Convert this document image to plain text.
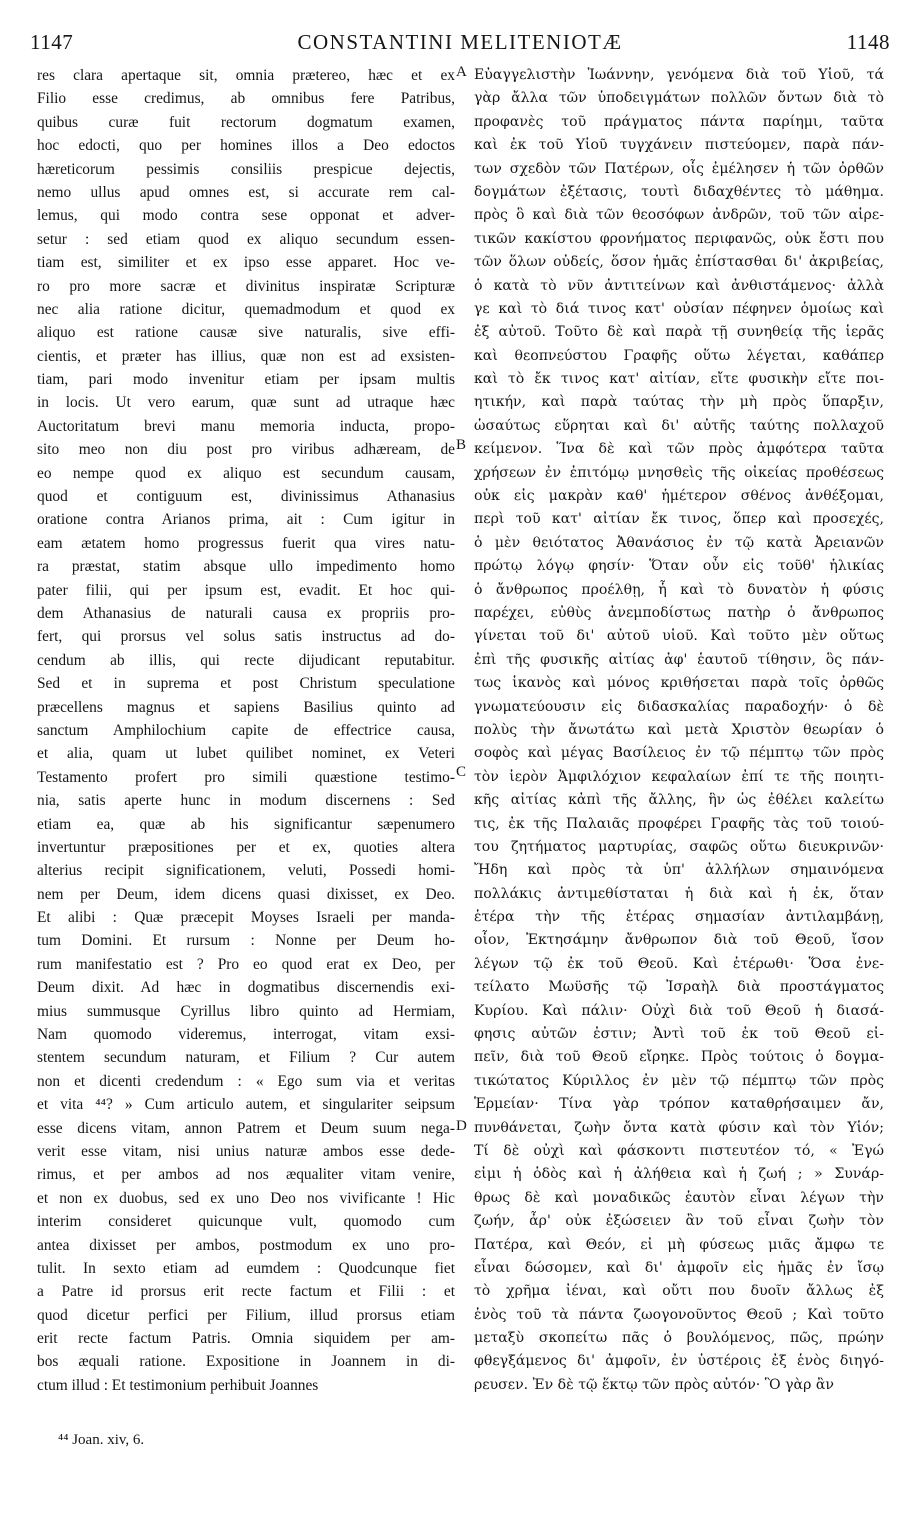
1147	CONSTANTINI MELITENIOTÆ	1148
res clara apertaque sit, omnia prætereo, hæc et ex
Filio esse credimus, ab omnibus fere Patribus,
quibus curæ fuit rectorum dogmatum examen,
hoc edocti, quo per homines illos a Deo edoctos
hæreticorum pessimis consiliis prespicue dejectis,
nemo ullus apud omnes est, si accurate rem cal-
lemus, qui modo contra sese opponat et adver-
setur : sed etiam quod ex aliquo secundum essen-
tiam est, similiter et ex ipso esse apparet. Hoc ve-
ro pro more sacræ et divinitus inspiratæ Scripturæ
nec alia ratione dicitur, quemadmodum et quod ex
aliquo est ratione causæ sive naturalis, sive effi-
cientis, et præter has illius, quæ non est ad exsisten-
tiam, pari modo invenitur etiam per ipsam multis
in locis. Ut vero earum, quæ sunt ad utraque hæc
Auctoritatum brevi manu memoria inducta, propo-
sito meo non diu post pro viribus adhæream, de
eo nempe quod ex aliquo est secundum causam,
quod et contiguum est, divinissimus Athanasius
oratione contra Arianos prima, ait : Cum igitur in
eam ætatem homo progressus fuerit qua vires natu-
ra præstat, statim absque ullo impedimento homo
pater filii, qui per ipsum est, evadit. Et hoc qui-
dem Athanasius de naturali causa ex propriis pro-
fert, qui prorsus vel solus satis instructus ad do-
cendum ab illis, qui recte dijudicant reputabitur.
Sed et in suprema et post Christum speculatione
præcellens magnus et sapiens Basilius quinto ad
sanctum Amphilochium capite de effectrice causa,
et alia, quam ut lubet quilibet nominet, ex Veteri
Testamento profert pro simili quæstione testimo-
nia, satis aperte hunc in modum discernens : Sed
etiam ea, quæ ab his significantur sæpenumero
invertuntur præpositiones per et ex, quoties altera
alterius recipit significationem, veluti, Possedi homi-
nem per Deum, idem dicens quasi dixisset, ex Deo.
Et alibi : Quæ præcepit Moyses Israeli per manda-
tum Domini. Et rursum : Nonne per Deum ho-
rum manifestatio est ? Pro eo quod erat ex Deo, per
Deum dixit. Ad hæc in dogmatibus discernendis exi-
mius summusque Cyrillus libro quinto ad Hermiam,
Nam quomodo videremus, interrogat, vitam exsi-
stentem secundum naturam, et Filium ? Cur autem
non et dicenti credendum : « Ego sum via et veritas
et vita ⁴⁴? » Cum articulo autem, et singulariter seipsum
esse dicens vitam, annon Patrem et Deum suum nega-
verit esse vitam, nisi unius naturæ ambos esse dede-
rimus, et per ambos ad nos æqualiter vitam venire,
et non ex duobus, sed ex uno Deo nos vivificante ! Hic
interim consideret quicunque vult, quomodo cum
antea dixisset per ambos, postmodum ex uno pro-
tulit. In sexto etiam ad eumdem : Quodcunque fiet
a Patre id prorsus erit recte factum et Filii : et
quod dicetur perfici per Filium, illud prorsus etiam
erit recte factum Patris. Omnia siquidem per am-
bos æquali ratione. Expositione in Joannem in di-
ctum illud : Et testimonium perhibuit Joannes
Εὐαγγελιστὴν Ἰωάννην, γενόμενα διὰ τοῦ Υἱοῦ, τά
γὰρ ἄλλα τῶν ὑποδειγμάτων πολλῶν ὄντων διὰ τὸ
προφανὲς τοῦ πράγματος πάντα παρίημι, ταῦτα
καὶ ἐκ τοῦ Υἱοῦ τυγχάνειν πιστεύομεν, παρὰ πάν-
των σχεδὸν τῶν Πατέρων, οἷς ἐμέλησεν ἡ τῶν ὀρθῶν
δογμάτων ἐξέτασις, τουτὶ διδαχθέντες τὸ μάθημα.
πρὸς ὃ καὶ διὰ τῶν θεοσόφων ἀνδρῶν, τοῦ τῶν αἱρε-
τικῶν κακίστου φρονήματος περιφανῶς, οὐκ ἔστι που
τῶν ὅλων οὐδείς, ὅσον ἡμᾶς ἐπίστασθαι δι' ἀκριβείας,
ὁ κατὰ τὸ νῦν ἀντιτείνων καὶ ἀνθιστάμενος· ἀλλὰ
γε καὶ τὸ διά τινος κατ' οὐσίαν πέφηνεν ὁμοίως καὶ
ἐξ αὐτοῦ. Τοῦτο δὲ καὶ παρὰ τῇ συνηθείᾳ τῆς ἱερᾶς
καὶ θεοπνεύστου Γραφῆς οὕτω λέγεται, καθάπερ
καὶ τὸ ἔκ τινος κατ' αἰτίαν, εἴτε φυσικὴν εἴτε ποι-
ητικήν, καὶ παρὰ ταύτας τὴν μὴ πρὸς ὕπαρξιν,
ὡσαύτως εὕρηται καὶ δι' αὐτῆς ταύτης πολλαχοῦ
κείμενον. Ἵνα δὲ καὶ τῶν πρὸς ἀμφότερα ταῦτα
χρήσεων ἐν ἐπιτόμῳ μνησθεὶς τῆς οἰκείας προθέσεως
οὐκ εἰς μακρὰν καθ' ἡμέτερον σθένος ἀνθέξομαι,
περὶ τοῦ κατ' αἰτίαν ἔκ τινος, ὅπερ καὶ προσεχές,
ὁ μὲν θειότατος Ἀθανάσιος ἐν τῷ κατὰ Ἀρειανῶν
πρώτῳ λόγῳ φησίν· Ὅταν οὖν εἰς τοῦθ' ἡλικίας
ὁ ἄνθρωπος προέλθῃ, ἧ καὶ τὸ δυνατὸν ἡ φύσις
παρέχει, εὐθὺς ἀνεμποδίστως πατὴρ ὁ ἄνθρωπος
γίνεται τοῦ δι' αὐτοῦ υἱοῦ. Καὶ τοῦτο μὲν οὕτως
ἐπὶ τῆς φυσικῆς αἰτίας ἀφ' ἑαυτοῦ τίθησιν, ὃς πάν-
τως ἱκανὸς καὶ μόνος κριθήσεται παρὰ τοῖς ὀρθῶς
γνωματεύουσιν εἰς διδασκαλίας παραδοχήν· ὁ δὲ
πολὺς τὴν ἄνωτάτω καὶ μετὰ Χριστὸν θεωρίαν ὁ
σοφὸς καὶ μέγας Βασίλειος ἐν τῷ πέμπτῳ τῶν πρὸς
τὸν ἱερὸν Ἀμφιλόχιον κεφαλαίων ἐπί τε τῆς ποιητι-
κῆς αἰτίας κἀπὶ τῆς ἄλλης, ἣν ὡς ἐθέλει καλείτω
τις, ἐκ τῆς Παλαιᾶς προφέρει Γραφῆς τὰς τοῦ τοιού-
του ζητήματος μαρτυρίας, σαφῶς οὕτω διευκρινῶν·
Ἤδη καὶ πρὸς τὰ ὑπ' ἀλλήλων σημαινόμενα
πολλάκις ἀντιμεθίσταται ἡ διὰ καὶ ἡ ἐκ, ὅταν
ἑτέρα τὴν τῆς ἑτέρας σημασίαν ἀντιλαμβάνῃ,
οἷον, Ἐκτησάμην ἄνθρωπον διὰ τοῦ Θεοῦ, ἴσον
λέγων τῷ ἐκ τοῦ Θεοῦ. Καὶ ἑτέρωθι· Ὅσα ἐνε-
τείλατο Μωϋσῆς τῷ Ἰσραὴλ διὰ προστάγματος
Κυρίου. Καὶ πάλιν· Οὐχὶ διὰ τοῦ Θεοῦ ἡ διασά-
φησις αὐτῶν ἐστιν; Ἀντὶ τοῦ ἐκ τοῦ Θεοῦ εἰ-
πεῖν, διὰ τοῦ Θεοῦ εἴρηκε. Πρὸς τούτοις ὁ δογμα-
τικώτατος Κύριλλος ἐν μὲν τῷ πέμπτῳ τῶν πρὸς
Ἑρμείαν· Τίνα γὰρ τρόπον καταθρήσαιμεν ἄν,
πυνθάνεται, ζωὴν ὄντα κατὰ φύσιν καὶ τὸν Υἱόν;
Τί δὲ οὐχὶ καὶ φάσκοντι πιστευτέον τό, « Ἐγώ
εἰμι ἡ ὁδὸς καὶ ἡ ἀλήθεια καὶ ἡ ζωή ; » Συνάρ-
θρως δὲ καὶ μοναδικῶς ἑαυτὸν εἶναι λέγων τὴν
ζωήν, ἆρ' οὐκ ἐξώσειεν ἂν τοῦ εἶναι ζωὴν τὸν
Πατέρα, καὶ Θεόν, εἰ μὴ φύσεως μιᾶς ἄμφω τε
εἶναι δώσομεν, καὶ δι' ἀμφοῖν εἰς ἡμᾶς ἐν ἴσῳ
τὸ χρῆμα ἰέναι, καὶ οὔτι που δυοῖν ἄλλως ἐξ
ἑνὸς τοῦ τὰ πάντα ζωογονοῦντος Θεοῦ ; Καὶ τοῦτο
μεταξὺ σκοπείτω πᾶς ὁ βουλόμενος, πῶς, πρώην
φθεγξάμενος δι' ἀμφοῖν, ἐν ὑστέροις ἐξ ἑνὸς διηγό-
ρευσεν. Ἐν δὲ τῷ ἕκτῳ τῶν πρὸς αὐτόν· Ὃ γὰρ ἂν
A
B
C
D
⁴⁴ Joan. xiv, 6.
